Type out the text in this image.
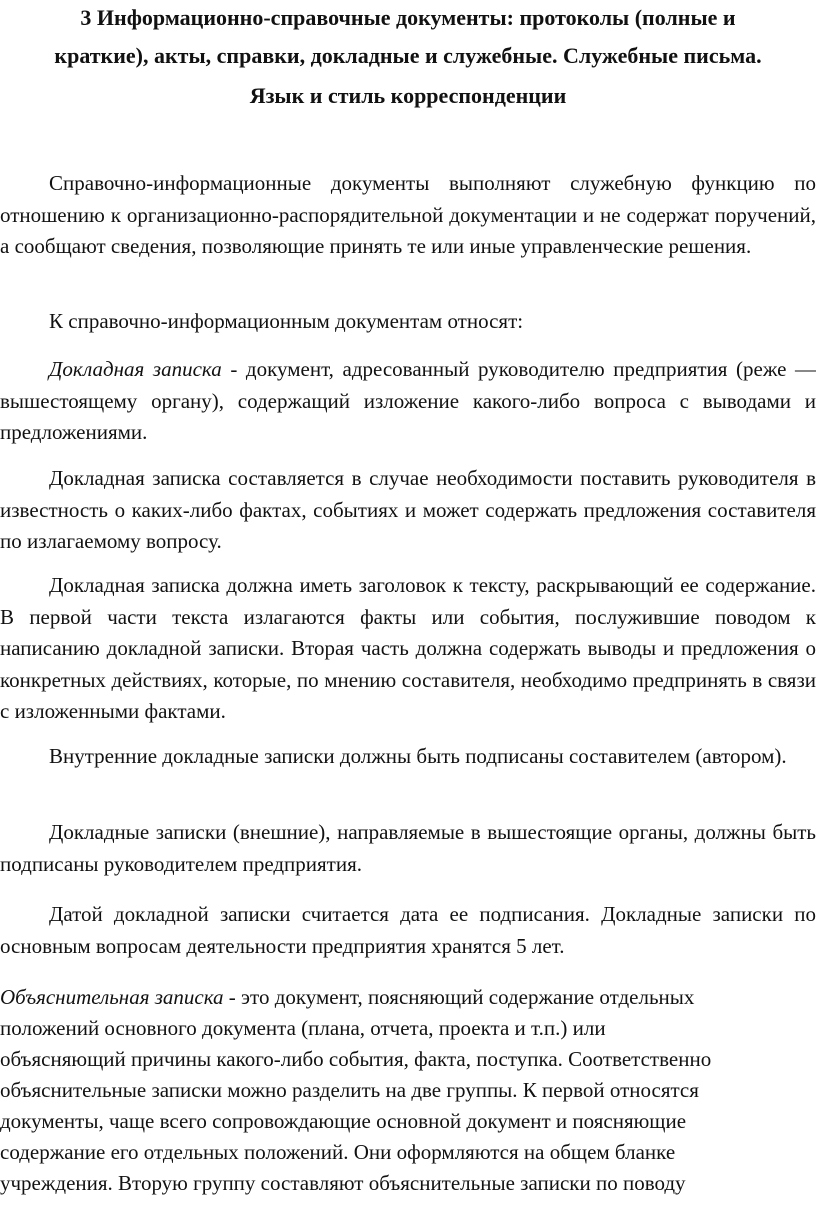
3 Информационно-справочные документы: протоколы (полные и
краткие), акты, справки, докладные и служебные. Служебные письма.
Язык и стиль корреспонденции

Справочно-информационные документы выполняют служебную функцию по отношению к организационно-распорядительной документации и не содержат поручений, а сообщают сведения, позволяющие принять те или иные управленческие решения.

К справочно-информационным документам относят:

Докладная записка - документ, адресованный руководителю предприятия (реже — вышестоящему органу), содержащий изложение какого-либо вопроса с выводами и предложениями.

Докладная записка составляется в случае необходимости поставить руководителя в известность о каких-либо фактах, событиях и может содержать предложения составителя по излагаемому вопросу.

Докладная записка должна иметь заголовок к тексту, раскрывающий ее содержание. В первой части текста излагаются факты или события, послужившие поводом к написанию докладной записки. Вторая часть должна содержать выводы и предложения о конкретных действиях, которые, по мнению составителя, необходимо предпринять в связи с изложенными фактами.

Внутренние докладные записки должны быть подписаны составителем (автором).

Докладные записки (внешние), направляемые в вышестоящие органы, должны быть подписаны руководителем предприятия.

Датой докладной записки считается дата ее подписания. Докладные записки по основным вопросам деятельности предприятия хранятся 5 лет.

Объяснительная записка - это документ, поясняющий содержание отдельных
положений основного документа (плана, отчета, проекта и т.п.) или
объясняющий причины какого-либо события, факта, поступка. Соответственно
объяснительные записки можно разделить на две группы. К первой относятся
документы, чаще всего сопровождающие основной документ и поясняющие
содержание его отдельных положений. Они оформляются на общем бланке
учреждения. Вторую группу составляют объяснительные записки по поводу
